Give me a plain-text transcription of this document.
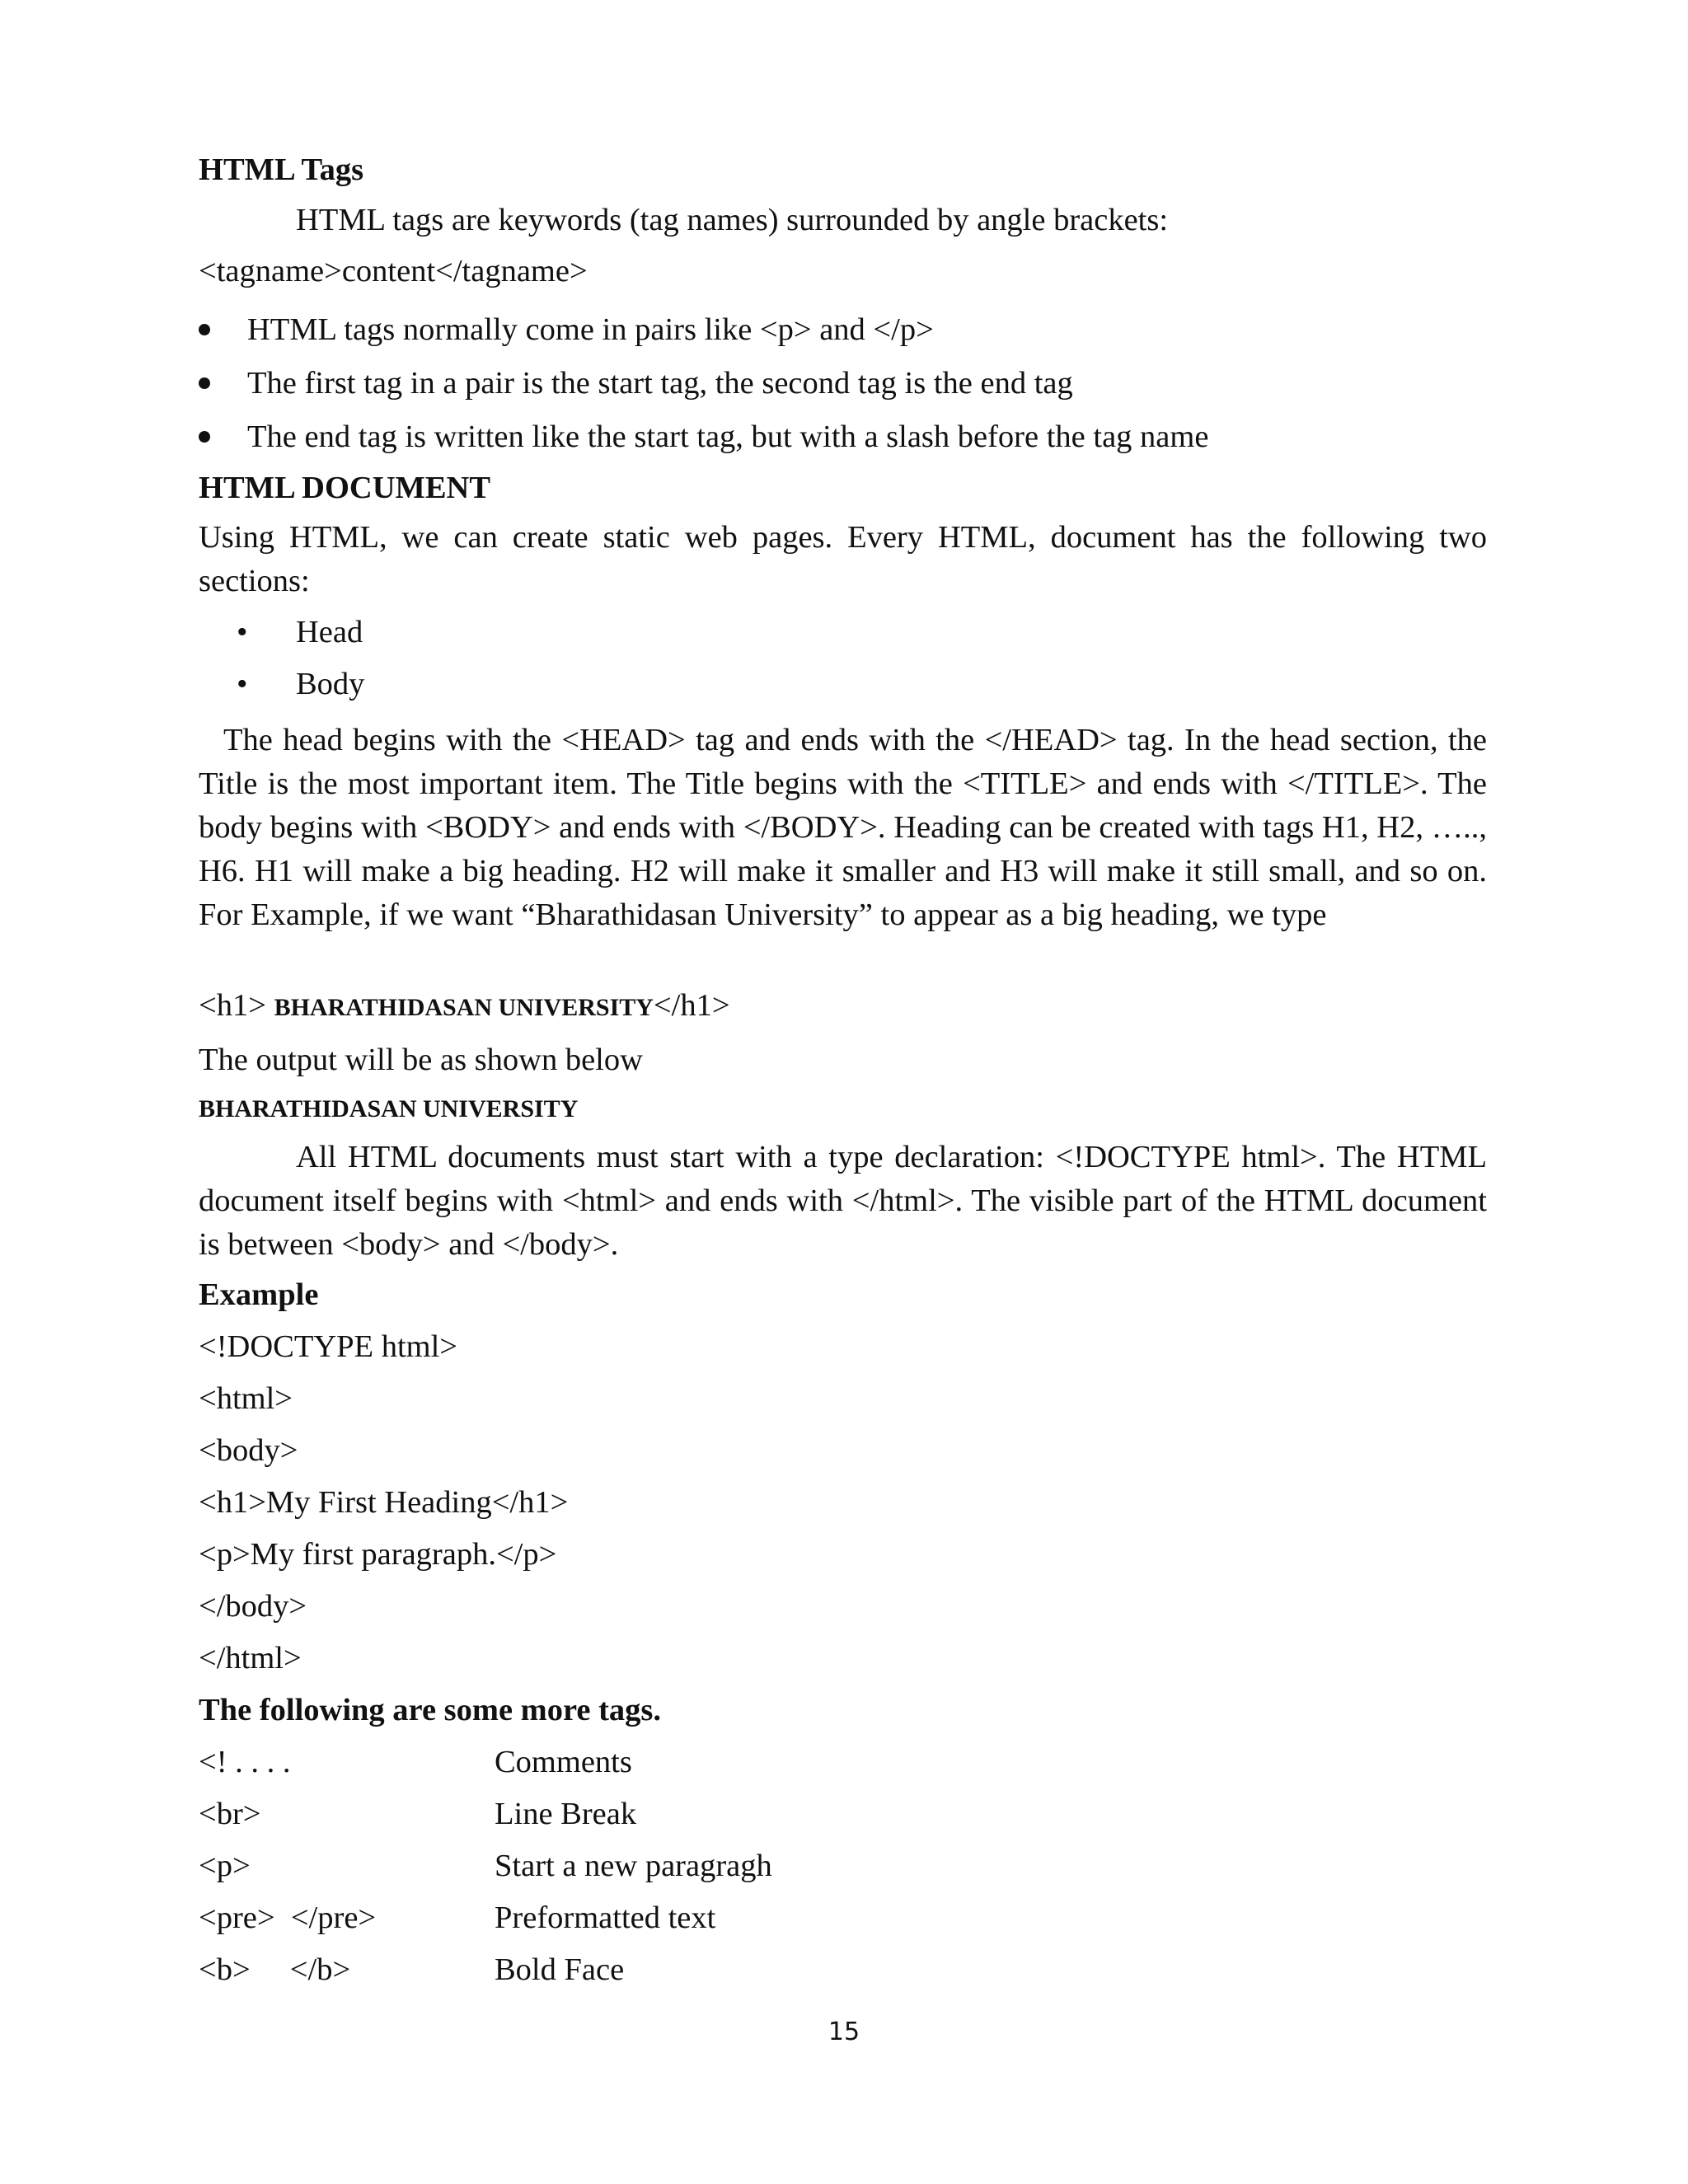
HTML Tags
HTML tags are keywords (tag names) surrounded by angle brackets:
<tagname>content</tagname>
HTML tags normally come in pairs like <p> and </p>
The first tag in a pair is the start tag, the second tag is the end tag
The end tag is written like the start tag, but with a slash before the tag name
HTML DOCUMENT
Using HTML, we can create static web pages. Every HTML, document has the following two sections:
• Head
• Body
The head begins with the <HEAD> tag and ends with the </HEAD> tag. In the head section, the Title is the most important item. The Title begins with the <TITLE> and ends with </TITLE>. The body begins with <BODY> and ends with </BODY>. Heading can be created with tags H1, H2, ….., H6. H1 will make a big heading. H2 will make it smaller and H3 will make it still small, and so on. For Example, if we want “Bharathidasan University” to appear as a big heading, we type
<h1> BHARATHIDASAN UNIVERSITY</h1>
The output will be as shown below
BHARATHIDASAN UNIVERSITY
All HTML documents must start with a type declaration: <!DOCTYPE html>. The HTML document itself begins with <html> and ends with </html>. The visible part of the HTML document is between <body> and </body>.
Example
<!DOCTYPE html>
<html>
<body>
<h1>My First Heading</h1>
<p>My first paragraph.</p>
</body>
</html>
The following are some more tags.
<! . . . .	Comments
<br>	Line Break
<p>	Start a new paragragh
<pre>  </pre>	Preformatted text
<b>     </b>	Bold Face
15
